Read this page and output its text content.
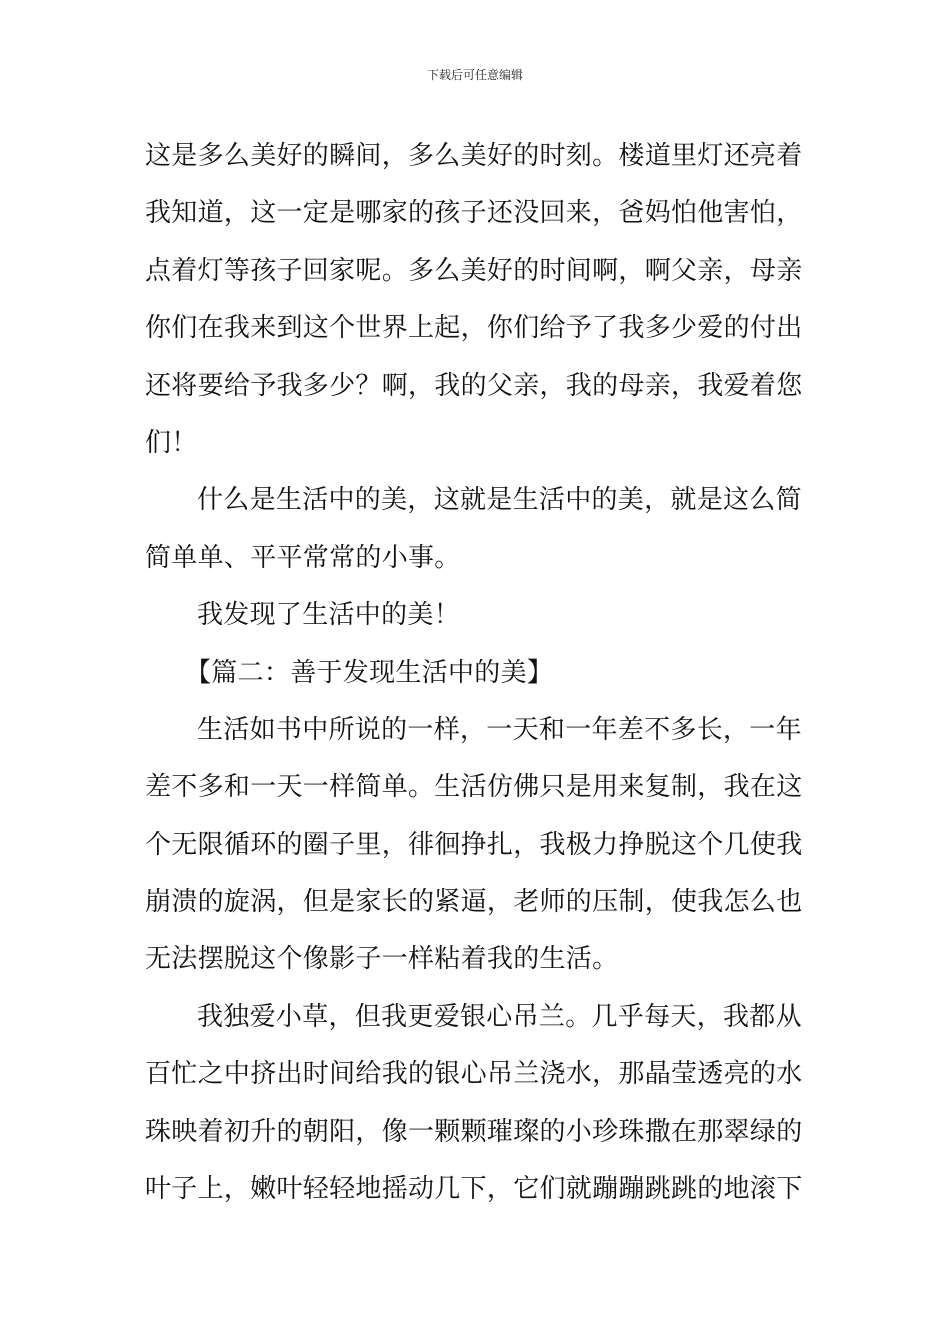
下载后可任意编辑
这是多么美好的瞬间，多么美好的时刻。楼道里灯还亮着
我知道，这一定是哪家的孩子还没回来，爸妈怕他害怕，
点着灯等孩子回家呢。多么美好的时间啊，啊父亲，母亲
你们在我来到这个世界上起，你们给予了我多少爱的付出
还将要给予我多少？啊，我的父亲，我的母亲，我爱着您
们！
什么是生活中的美，这就是生活中的美，就是这么简
简单单、平平常常的小事。
我发现了生活中的美！
【篇二：善于发现生活中的美】
生活如书中所说的一样，一天和一年差不多长，一年
差不多和一天一样简单。生活仿佛只是用来复制，我在这
个无限循环的圈子里，徘徊挣扎，我极力挣脱这个几使我
崩溃的旋涡，但是家长的紧逼，老师的压制，使我怎么也
无法摆脱这个像影子一样粘着我的生活。
我独爱小草，但我更爱银心吊兰。几乎每天，我都从
百忙之中挤出时间给我的银心吊兰浇水，那晶莹透亮的水
珠映着初升的朝阳，像一颗颗璀璨的小珍珠撒在那翠绿的
叶子上，嫩叶轻轻地摇动几下，它们就蹦蹦跳跳的地滚下
